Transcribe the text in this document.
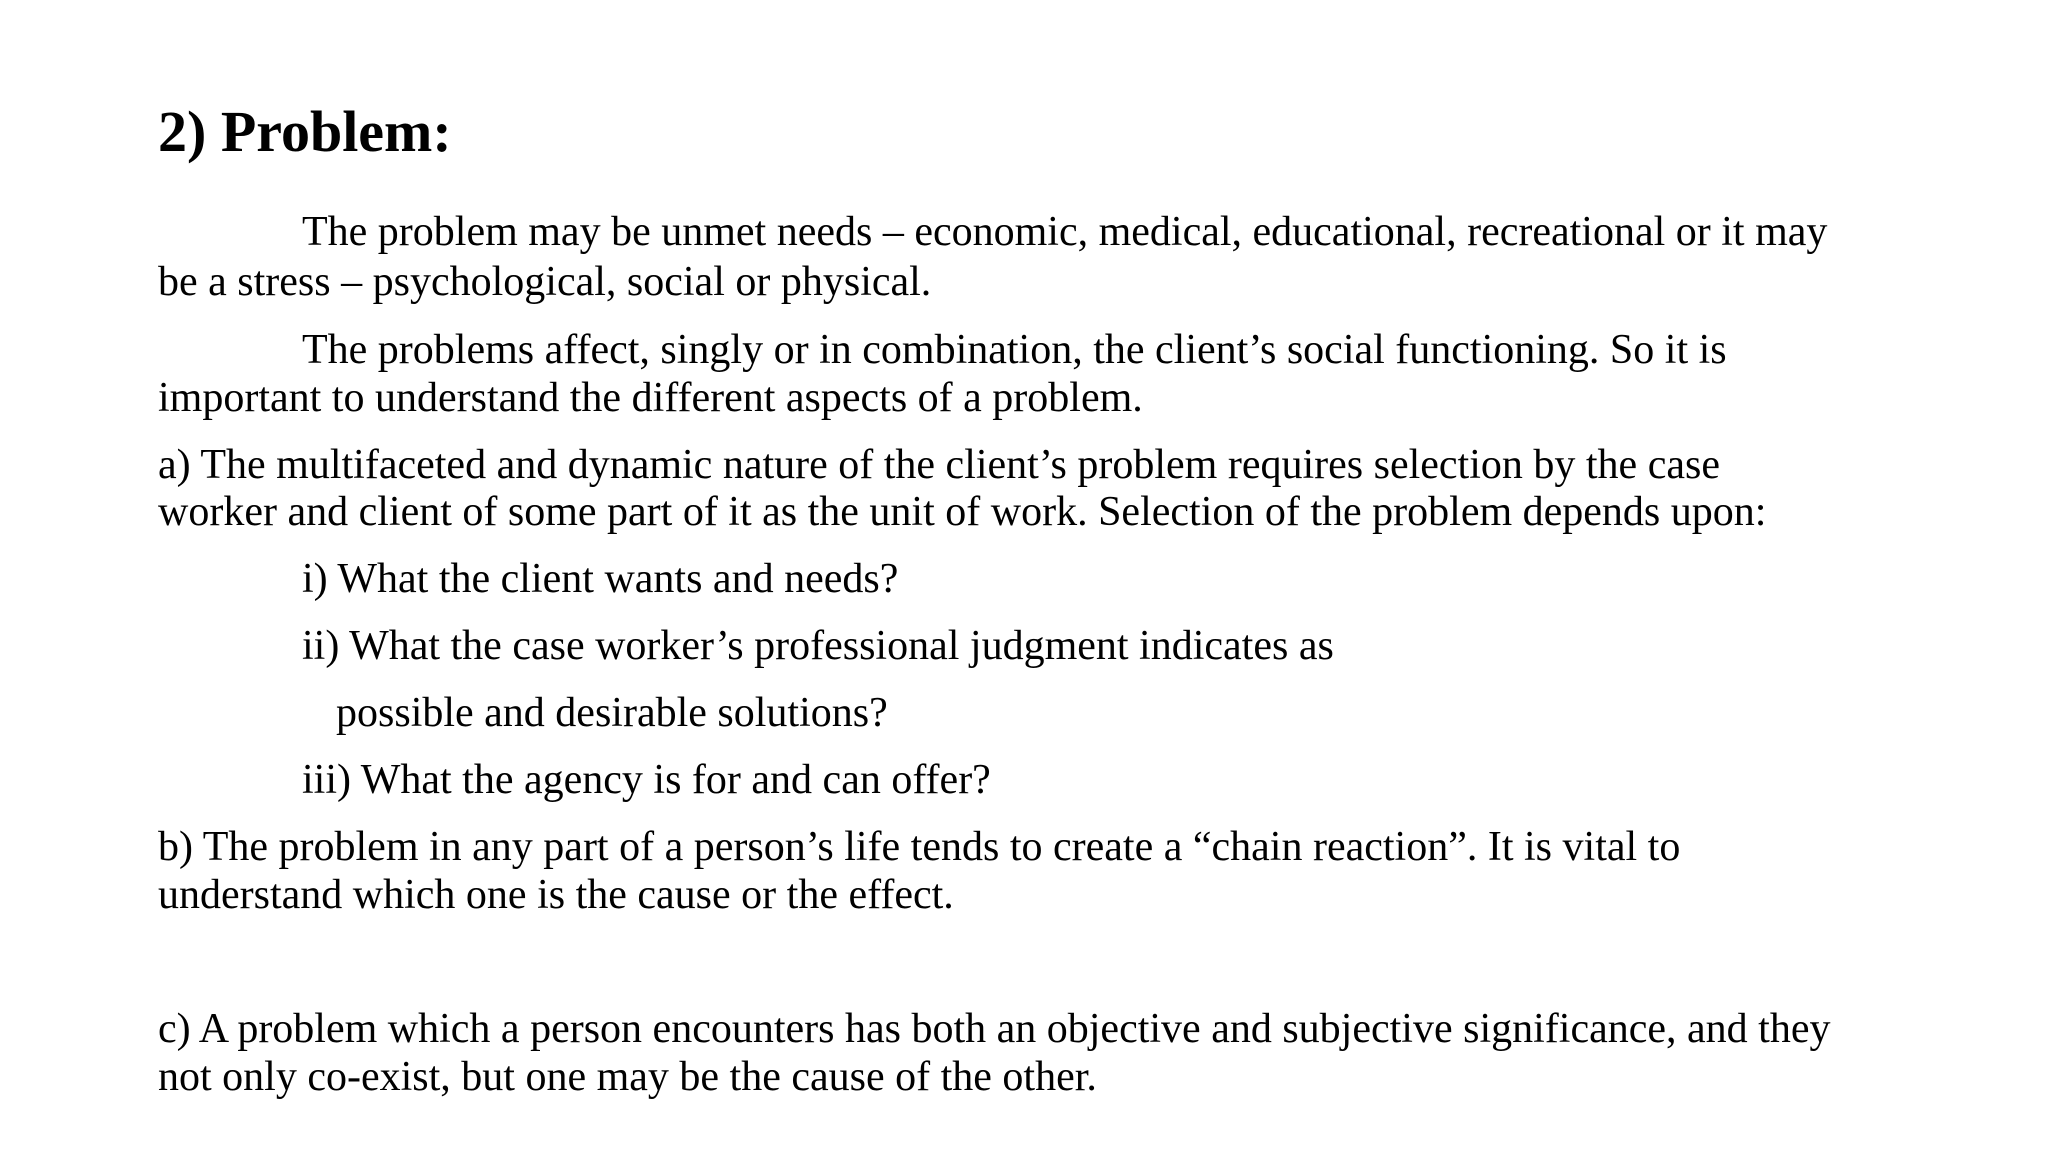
2) Problem:

The problem may be unmet needs – economic, medical, educational, recreational or it may

be a stress – psychological, social or physical.

The problems affect, singly or in combination, the client’s social functioning. So it is

important to understand the different aspects of a problem.

a) The multifaceted and dynamic nature of the client’s problem requires selection by the case

worker and client of some part of it as the unit of work. Selection of the problem depends upon:

i) What the client wants and needs?

ii) What the case worker’s professional judgment indicates as

possible and desirable solutions?

iii) What the agency is for and can offer?

b) The problem in any part of a person’s life tends to create a “chain reaction”. It is vital to

understand which one is the cause or the effect.

c) A problem which a person encounters has both an objective and subjective significance, and they

not only co-exist, but one may be the cause of the other.
